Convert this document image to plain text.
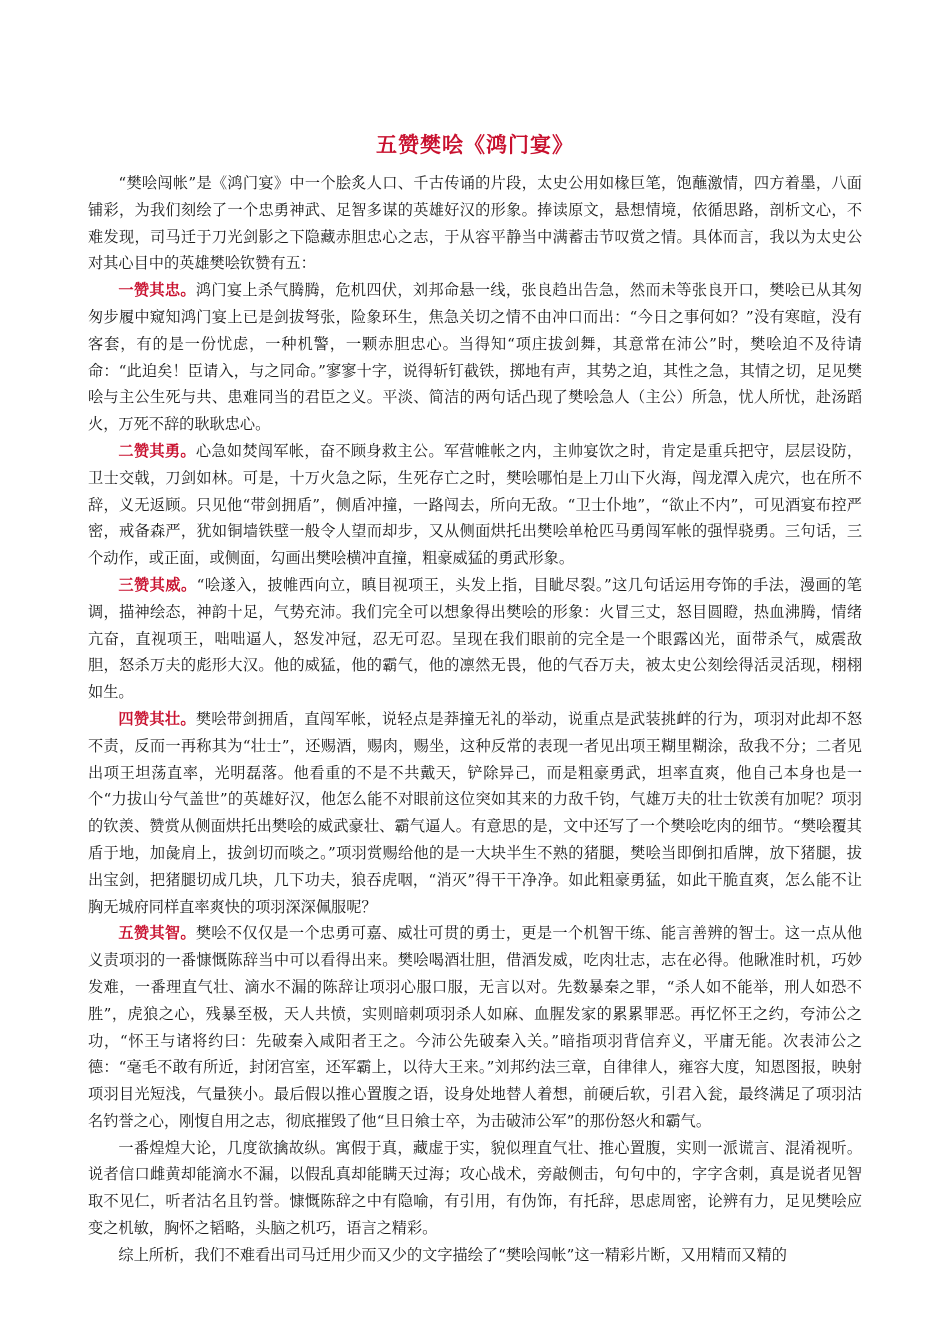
五赞樊哙《鸿门宴》

“樊哙闯帐”是《鸿门宴》中一个脍炙人口、千古传诵的片段，太史公用如椽巨笔，饱蘸激情，四方着墨，八面铺彩，为我们刻绘了一个忠勇神武、足智多谋的英雄好汉的形象。捧读原文，悬想情境，依循思路，剖析文心，不难发现，司马迁于刀光剑影之下隐藏赤胆忠心之志，于从容平静当中满蓄击节叹赏之情。具体而言，我以为太史公对其心目中的英雄樊哙钦赞有五：

一赞其忠。鸿门宴上杀气腾腾，危机四伏，刘邦命悬一线，张良趋出告急，然而未等张良开口，樊哙已从其匆匆步履中窥知鸿门宴上已是剑拔弩张，险象环生，焦急关切之情不由冲口而出：“今日之事何如？”没有寒暄，没有客套，有的是一份忧虑，一种机警，一颗赤胆忠心。当得知“项庄拔剑舞，其意常在沛公”时，樊哙迫不及待请命：“此迫矣！臣请入，与之同命。”寥寥十字，说得斩钉截铁，掷地有声，其势之迫，其性之急，其情之切，足见樊哙与主公生死与共、患难同当的君臣之义。平淡、简洁的两句话凸现了樊哙急人（主公）所急，忧人所忧，赴汤蹈火，万死不辞的耿耿忠心。

二赞其勇。心急如焚闯军帐，奋不顾身救主公。军营帷帐之内，主帅宴饮之时，肯定是重兵把守，层层设防，卫士交戟，刀剑如林。可是，十万火急之际，生死存亡之时，樊哙哪怕是上刀山下火海，闯龙潭入虎穴，也在所不辞，义无返顾。只见他“带剑拥盾”，侧盾冲撞，一路闯去，所向无敌。“卫士仆地”，“欲止不内”，可见酒宴布控严密，戒备森严，犹如铜墙铁壁一般令人望而却步，又从侧面烘托出樊哙单枪匹马勇闯军帐的强悍骁勇。三句话，三个动作，或正面，或侧面，勾画出樊哙横冲直撞，粗豪威猛的勇武形象。

三赞其威。“哙遂入，披帷西向立，瞋目视项王，头发上指，目眦尽裂。”这几句话运用夸饰的手法，漫画的笔调，描神绘态，神韵十足，气势充沛。我们完全可以想象得出樊哙的形象：火冒三丈，怒目圆瞪，热血沸腾，情绪亢奋，直视项王，咄咄逼人，怒发冲冠，忍无可忍。呈现在我们眼前的完全是一个眼露凶光，面带杀气，威震敌胆，怒杀万夫的彪形大汉。他的威猛，他的霸气，他的凛然无畏，他的气吞万夫，被太史公刻绘得活灵活现，栩栩如生。

四赞其壮。樊哙带剑拥盾，直闯军帐，说轻点是莽撞无礼的举动，说重点是武装挑衅的行为，项羽对此却不怒不责，反而一再称其为“壮士”，还赐酒，赐肉，赐坐，这种反常的表现一者见出项王糊里糊涂，敌我不分；二者见出项王坦荡直率，光明磊落。他看重的不是不共戴天，铲除异己，而是粗豪勇武，坦率直爽，他自己本身也是一个“力拔山兮气盖世”的英雄好汉，他怎么能不对眼前这位突如其来的力敌千钧，气雄万夫的壮士钦羡有加呢？项羽的钦羡、赞赏从侧面烘托出樊哙的威武豪壮、霸气逼人。有意思的是，文中还写了一个樊哙吃肉的细节。“樊哙覆其盾于地，加彘肩上，拔剑切而啖之。”项羽赏赐给他的是一大块半生不熟的猪腿，樊哙当即倒扣盾牌，放下猪腿，拔出宝剑，把猪腿切成几块，几下功夫，狼吞虎咽，“消灭”得干干净净。如此粗豪勇猛，如此干脆直爽，怎么能不让胸无城府同样直率爽快的项羽深深佩服呢？

五赞其智。樊哙不仅仅是一个忠勇可嘉、威壮可贯的勇士，更是一个机智干练、能言善辨的智士。这一点从他义责项羽的一番慷慨陈辞当中可以看得出来。樊哙喝酒壮胆，借酒发威，吃肉壮志，志在必得。他瞅准时机，巧妙发难，一番理直气壮、滴水不漏的陈辞让项羽心服口服，无言以对。先数暴秦之罪，“杀人如不能举，刑人如恐不胜”，虎狼之心，残暴至极，天人共愤，实则暗刺项羽杀人如麻、血腥发家的累累罪恶。再忆怀王之约，夸沛公之功，“怀王与诸将约曰：先破秦入咸阳者王之。今沛公先破秦入关。”暗指项羽背信弃义，平庸无能。次表沛公之德：“毫毛不敢有所近，封闭宫室，还军霸上，以待大王来。”刘邦约法三章，自律律人，雍容大度，知恩图报，映射项羽目光短浅，气量狭小。最后假以推心置腹之语，设身处地替人着想，前硬后软，引君入瓮，最终满足了项羽沽名钓誉之心，刚愎自用之志，彻底摧毁了他“旦日飨士卒，为击破沛公军”的那份怒火和霸气。

一番煌煌大论，几度欲擒故纵。寓假于真，藏虚于实，貌似理直气壮、推心置腹，实则一派谎言、混淆视听。说者信口雌黄却能滴水不漏，以假乱真却能瞒天过海；攻心战术，旁敲侧击，句句中的，字字含刺，真是说者见智取不见仁，听者沽名且钓誉。慷慨陈辞之中有隐喻，有引用，有伪饰，有托辞，思虑周密，论辨有力，足见樊哙应变之机敏，胸怀之韬略，头脑之机巧，语言之精彩。

综上所析，我们不难看出司马迁用少而又少的文字描绘了“樊哙闯帐”这一精彩片断，又用精而又精的
